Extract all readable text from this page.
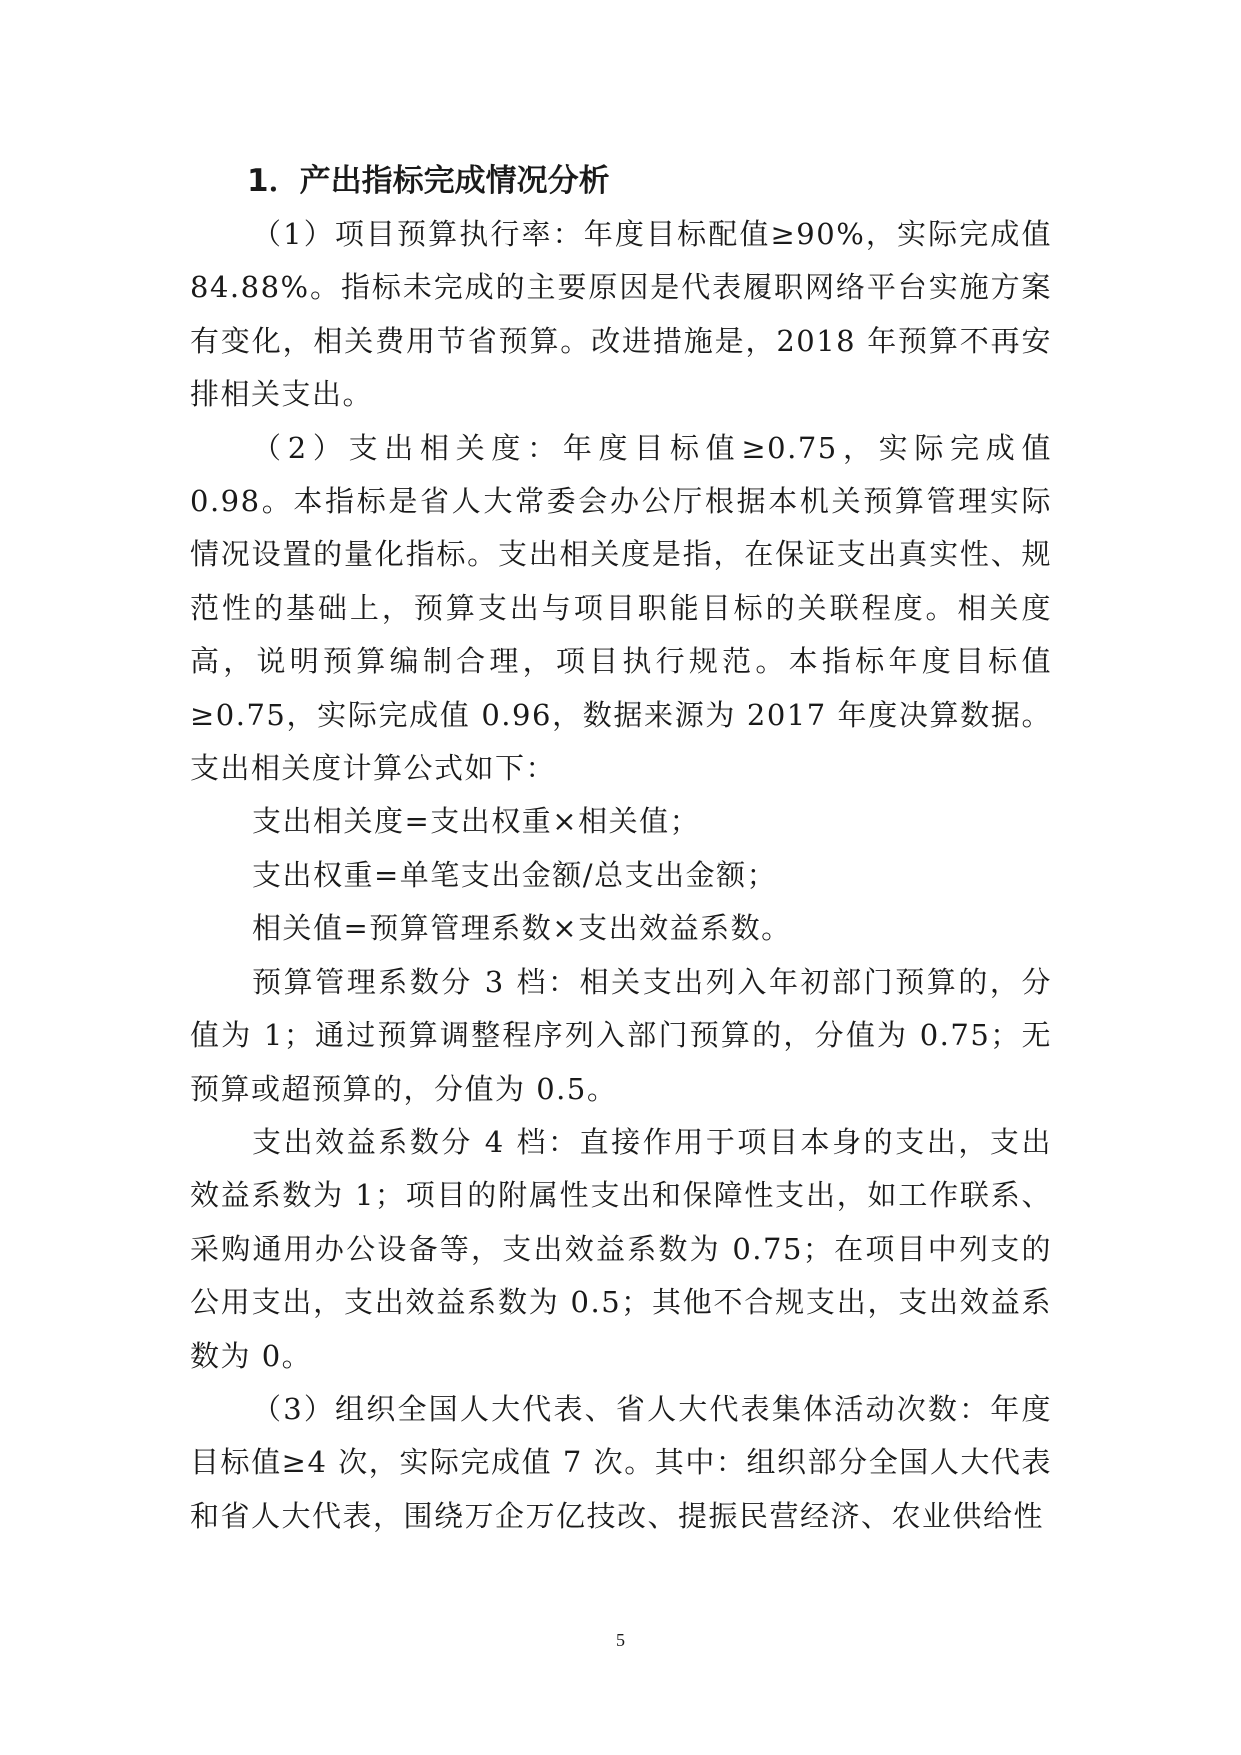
1．产出指标完成情况分析

（1）项目预算执行率：年度目标配值≥90%，实际完成值84.88%。指标未完成的主要原因是代表履职网络平台实施方案有变化，相关费用节省预算。改进措施是，2018 年预算不再安排相关支出。

（2）支出相关度：年度目标值≥0.75，实际完成值 0.98。本指标是省人大常委会办公厅根据本机关预算管理实际情况设置的量化指标。支出相关度是指，在保证支出真实性、规范性的基础上，预算支出与项目职能目标的关联程度。相关度高，说明预算编制合理，项目执行规范。本指标年度目标值≥0.75，实际完成值 0.96，数据来源为 2017 年度决算数据。支出相关度计算公式如下：

支出相关度=支出权重×相关值；

支出权重=单笔支出金额/总支出金额；

相关值=预算管理系数×支出效益系数。

预算管理系数分 3 档：相关支出列入年初部门预算的，分值为 1；通过预算调整程序列入部门预算的，分值为 0.75；无预算或超预算的，分值为 0.5。

支出效益系数分 4 档：直接作用于项目本身的支出，支出效益系数为 1；项目的附属性支出和保障性支出，如工作联系、采购通用办公设备等，支出效益系数为 0.75；在项目中列支的公用支出，支出效益系数为 0.5；其他不合规支出，支出效益系数为 0。

（3）组织全国人大代表、省人大代表集体活动次数：年度目标值≥4 次，实际完成值 7 次。其中：组织部分全国人大代表和省人大代表，围绕万企万亿技改、提振民营经济、农业供给性

5
